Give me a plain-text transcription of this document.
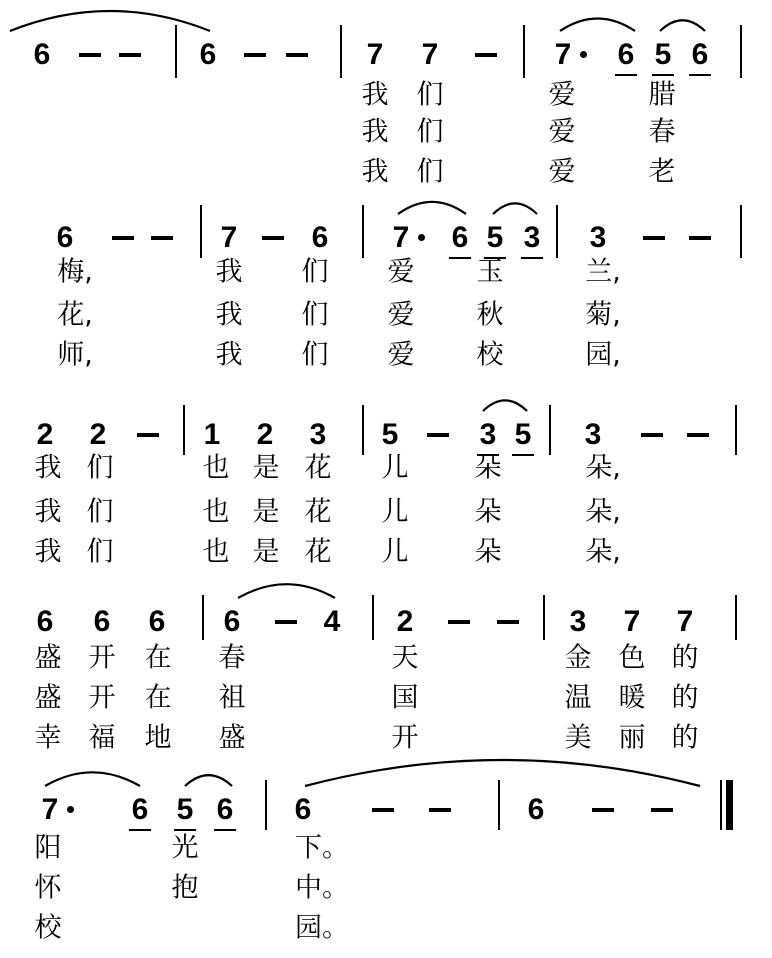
6	6	7 7	7 6 5 6
我 们	爱	腊
我 们	爱	春
我 们	爱	老
6	7 6 7 6 5 3 3
梅,	我 们 爱 玉	兰,
花,	我 们 爱 秋	菊,
师,	我 们 爱 校	园,
2 2	1 2 3 5	3 5 3
我 们	也 是 花 儿 朵	朵,
我 们	也 是 花 儿 朵	朵,
我 们	也 是 花 儿 朵	朵,
6 6 6 6	4 2	3 7 7
盛 开 在 春	天	金 色 的
盛 开 在 祖	国	温 暖 的
幸 福 地 盛	开	美 丽 的
7 6 5 6 6	6
阳	光	下。
怀	抱	中。
校	园。
